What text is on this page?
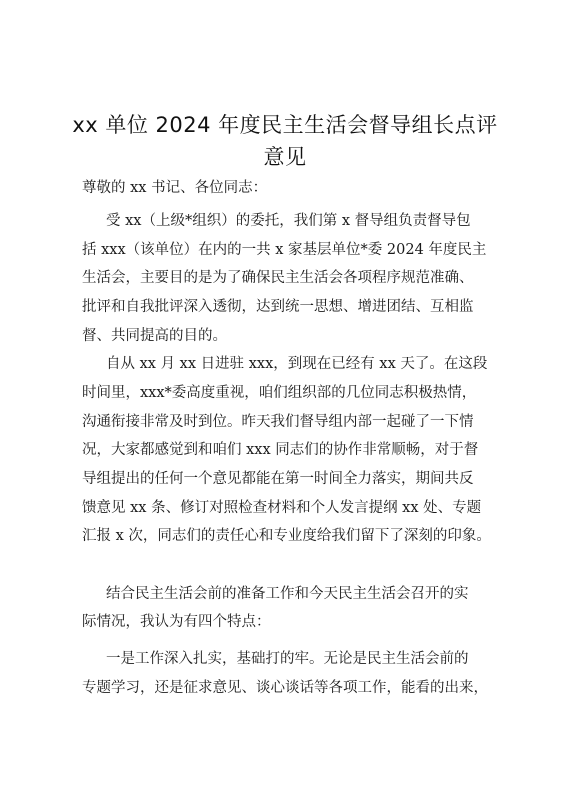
xx 单位 2024 年度民主生活会督导组长点评
意见
尊敬的 xx 书记、各位同志：
受 xx（上级*组织）的委托，我们第 x 督导组负责督导包
括 xxx（该单位）在内的一共 x 家基层单位*委 2024 年度民主
生活会，主要目的是为了确保民主生活会各项程序规范准确、
批评和自我批评深入透彻，达到统一思想、增进团结、互相监
督、共同提高的目的。
自从 xx 月 xx 日进驻 xxx，到现在已经有 xx 天了。在这段
时间里，xxx*委高度重视，咱们组织部的几位同志积极热情，
沟通衔接非常及时到位。昨天我们督导组内部一起碰了一下情
况，大家都感觉到和咱们 xxx 同志们的协作非常顺畅，对于督
导组提出的任何一个意见都能在第一时间全力落实，期间共反
馈意见 xx 条、修订对照检查材料和个人发言提纲 xx 处、专题
汇报 x 次，同志们的责任心和专业度给我们留下了深刻的印象。
结合民主生活会前的准备工作和今天民主生活会召开的实
际情况，我认为有四个特点：
一是工作深入扎实，基础打的牢。无论是民主生活会前的
专题学习，还是征求意见、谈心谈话等各项工作，能看的出来，
